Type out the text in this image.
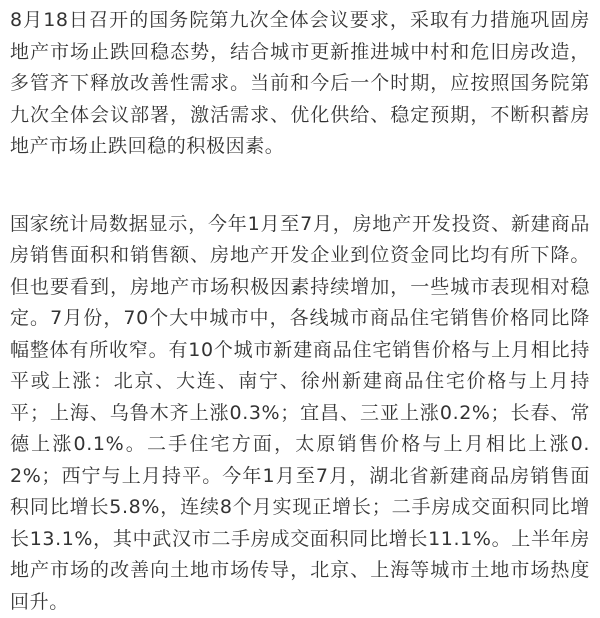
8月18日召开的国务院第九次全体会议要求，采取有力措施巩固房地产市场止跌回稳态势，结合城市更新推进城中村和危旧房改造，多管齐下释放改善性需求。当前和今后一个时期，应按照国务院第九次全体会议部署，激活需求、优化供给、稳定预期，不断积蓄房地产市场止跌回稳的积极因素。

国家统计局数据显示，今年1月至7月，房地产开发投资、新建商品房销售面积和销售额、房地产开发企业到位资金同比均有所下降。但也要看到，房地产市场积极因素持续增加，一些城市表现相对稳定。7月份，70个大中城市中，各线城市商品住宅销售价格同比降幅整体有所收窄。有10个城市新建商品住宅销售价格与上月相比持平或上涨：北京、大连、南宁、徐州新建商品住宅价格与上月持平；上海、乌鲁木齐上涨0.3%；宜昌、三亚上涨0.2%；长春、常德上涨0.1%。二手住宅方面，太原销售价格与上月相比上涨0.2%；西宁与上月持平。今年1月至7月，湖北省新建商品房销售面积同比增长5.8%，连续8个月实现正增长；二手房成交面积同比增长13.1%，其中武汉市二手房成交面积同比增长11.1%。上半年房地产市场的改善向土地市场传导，北京、上海等城市土地市场热度回升。
